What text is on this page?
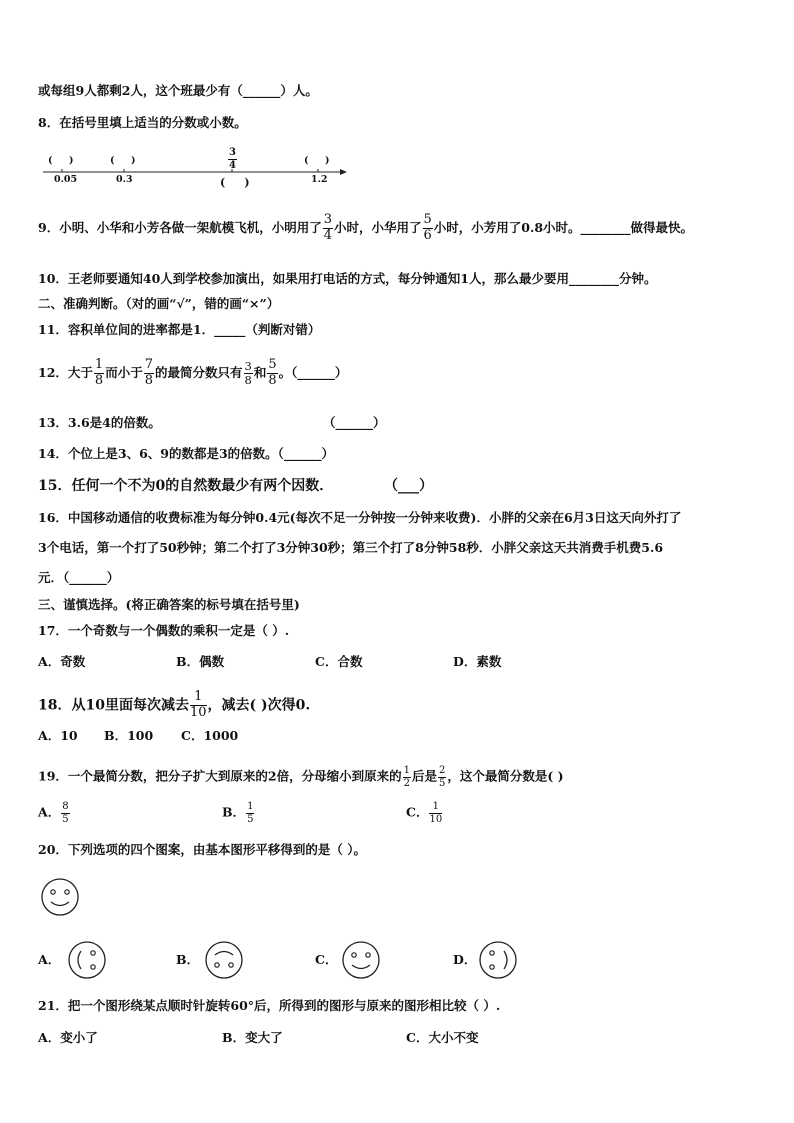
或每组9人都剩2人，这个班最少有（______）人。
8．在括号里填上适当的分数或小数。
( )	( )	( )
$\frac{3}{4}$
0.05	0.3	( )	1.2
9．小明、小华和小芳各做一架航模飞机，小明用了 $\frac{3}{4}$ 小时，小华用了 $\frac{5}{6}$ 小时，小芳用了0.8小时。________做得最快。
10．王老师要通知40人到学校参加演出，如果用打电话的方式，每分钟通知1人，那么最少要用________分钟。
二、准确判断。（对的画“√”，错的画“×”）
11．容积单位间的进率都是1．_____（判断对错）
12．大于 $\frac{1}{8}$ 而小于 $\frac{7}{8}$ 的最简分数只有 $\frac{3}{8}$ 和 $\frac{5}{8}$ 。（______）
13．3.6是4的倍数。	（______）
14．个位上是3、6、9的数都是3的倍数。（______）
15．任何一个不为0的自然数最少有两个因数．	（___）
16．中国移动通信的收费标准为每分钟0.4元(每次不足一分钟按一分钟来收费)．小胖的父亲在6月3日这天向外打了
3个电话，第一个打了50秒钟；第二个打了3分钟30秒；第三个打了8分钟58秒．小胖父亲这天共消费手机费5.6
元．（______）
三、谨慎选择。(将正确答案的标号填在括号里)
17．一个奇数与一个偶数的乘积一定是（ ）.
A．奇数	B．偶数	C．合数	D．素数
18．从10里面每次减去 $\frac{1}{10}$ ，减去( )次得0.
A．10 B．100 C．1000
19．一个最简分数，把分子扩大到原来的2倍，分母缩小到原来的 $\frac{1}{2}$ 后是 $\frac{2}{5}$ ，这个最简分数是( )
A． $\frac{8}{5}$	B． $\frac{1}{5}$	C． $\frac{1}{10}$
20．下列选项的四个图案，由基本图形平移得到的是（ ）。
A．	B．	C．	D．
21．把一个图形绕某点顺时针旋转60°后，所得到的图形与原来的图形相比较（ ）.
A．变小了	B．变大了	C．大小不变
